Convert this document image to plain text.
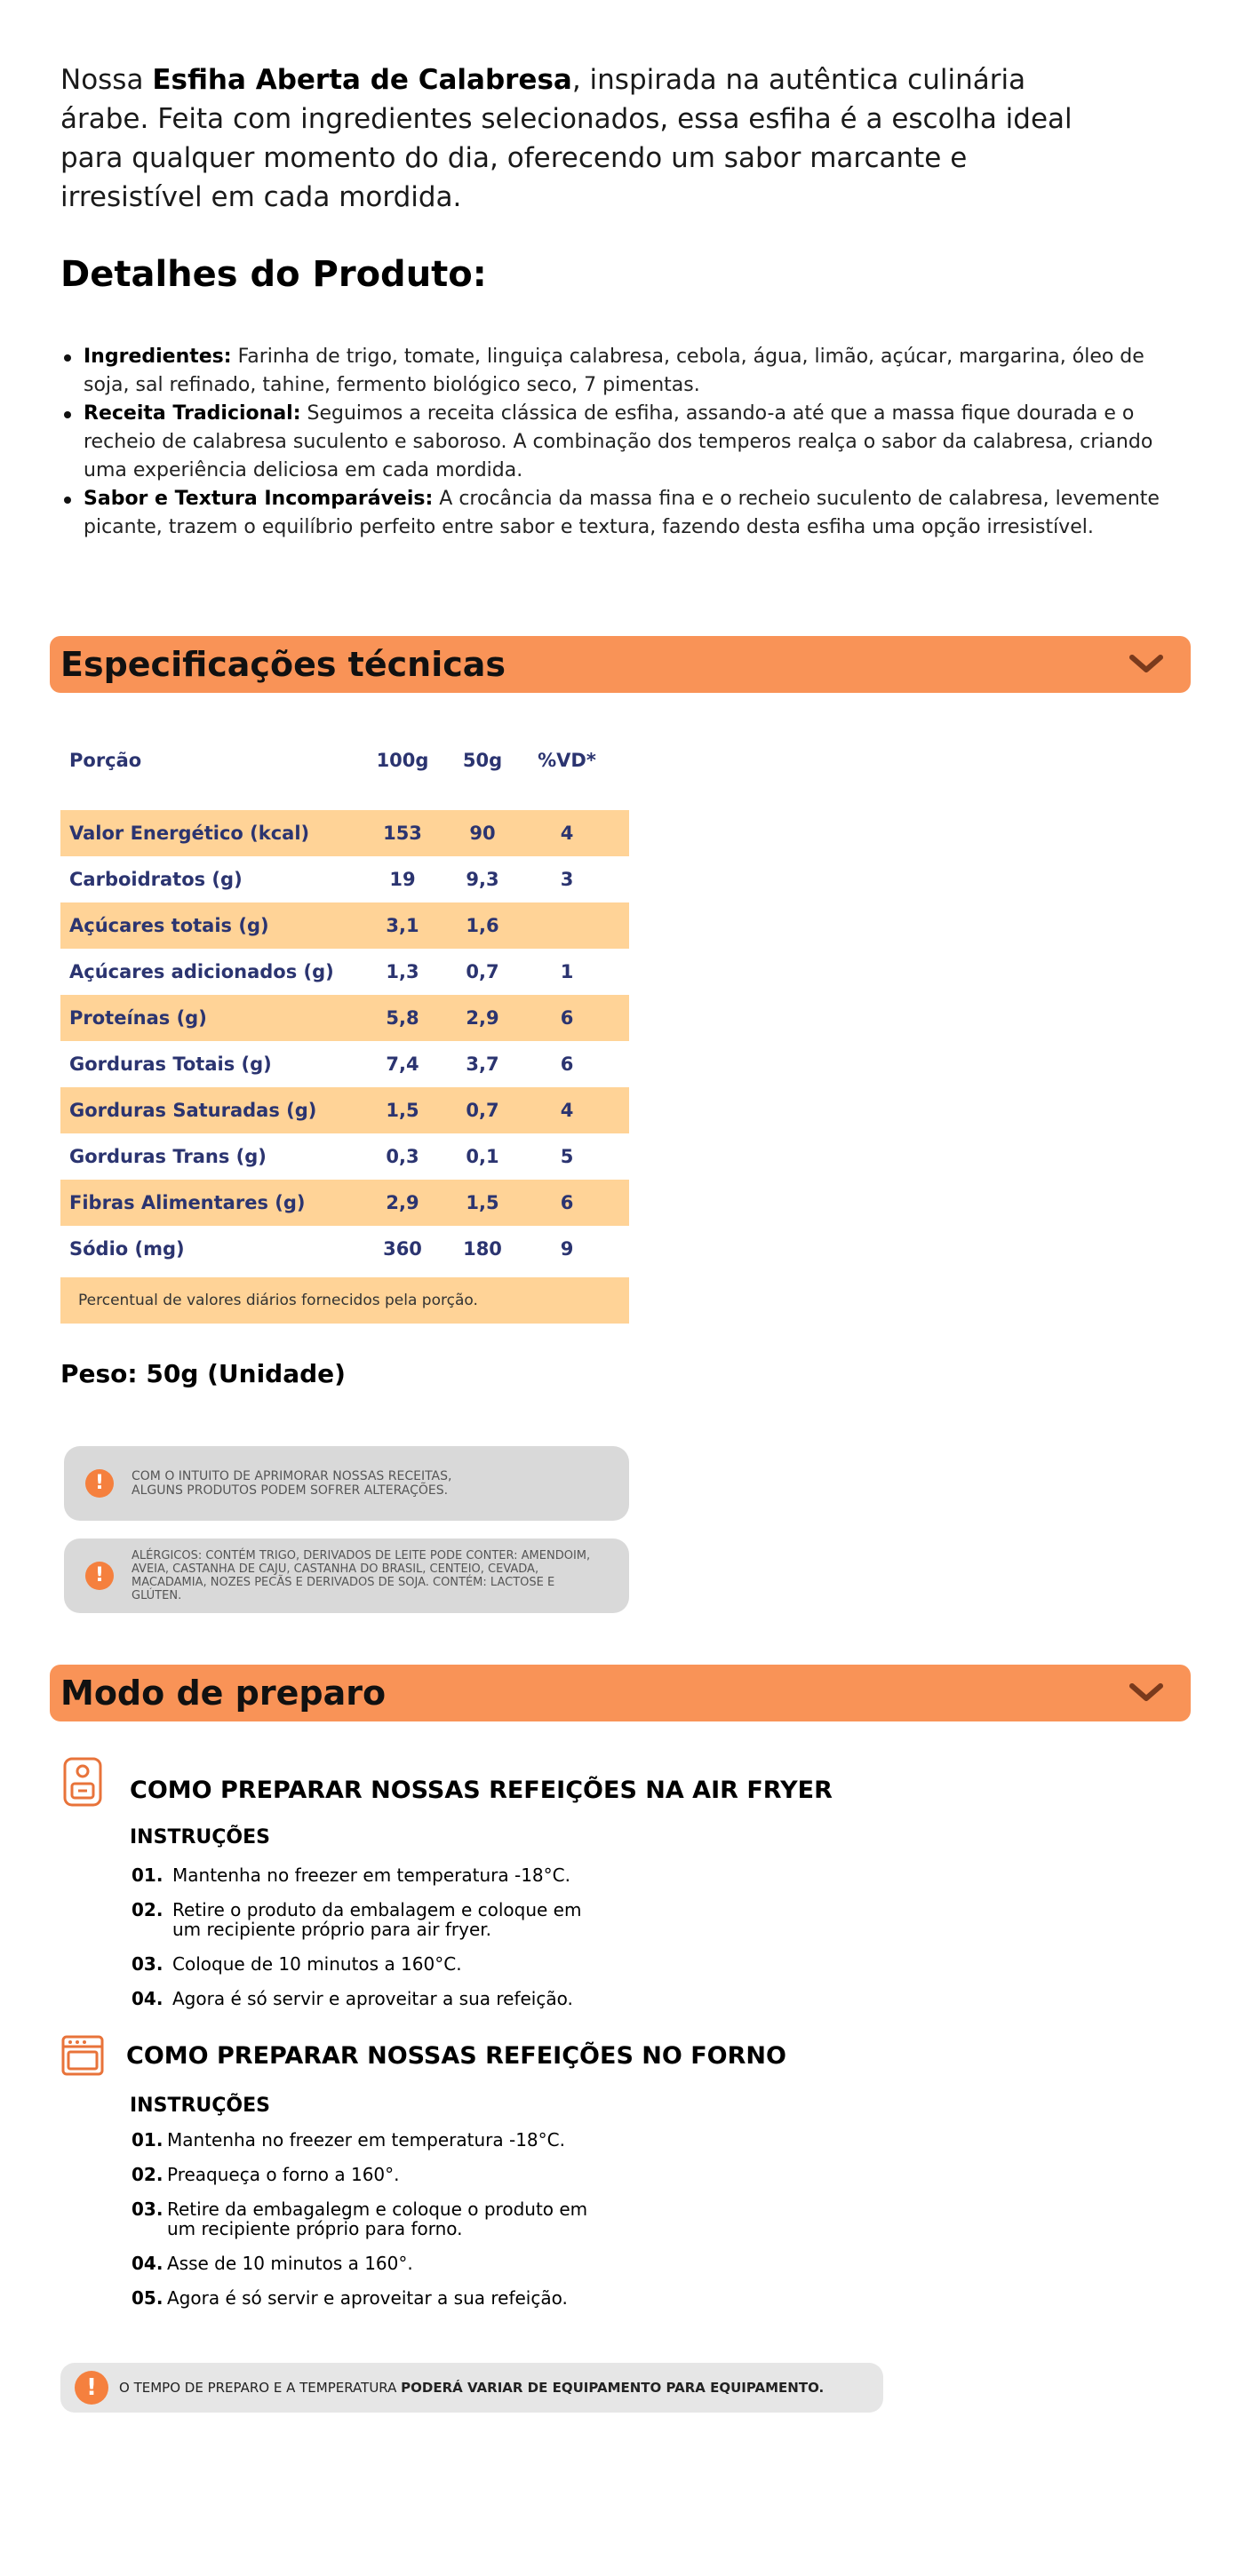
Nossa Esfiha Aberta de Calabresa, inspirada na autêntica culinária árabe. Feita com ingredientes selecionados, essa esfiha é a escolha ideal para qualquer momento do dia, oferecendo um sabor marcante e irresistível em cada mordida.

Detalhes do Produto:
Ingredientes: Farinha de trigo, tomate, linguiça calabresa, cebola, água, limão, açúcar, margarina, óleo de soja, sal refinado, tahine, fermento biológico seco, 7 pimentas.
Receita Tradicional: Seguimos a receita clássica de esfiha, assando-a até que a massa fique dourada e o recheio de calabresa suculento e saboroso. A combinação dos temperos realça o sabor da calabresa, criando uma experiência deliciosa em cada mordida.
Sabor e Textura Incomparáveis: A crocância da massa fina e o recheio suculento de calabresa, levemente picante, trazem o equilíbrio perfeito entre sabor e textura, fazendo desta esfiha uma opção irresistível.
Especificações técnicas
Porção	100g	50g	%VD*
Valor Energético (kcal)	153	90	4
Carboidratos (g)	19	9,3	3
Açúcares totais (g)	3,1	1,6
Açúcares adicionados (g)	1,3	0,7	1
Proteínas (g)	5,8	2,9	6
Gorduras Totais (g)	7,4	3,7	6
Gorduras Saturadas (g)	1,5	0,7	4
Gorduras Trans (g)	0,3	0,1	5
Fibras Alimentares (g)	2,9	1,5	6
Sódio (mg)	360	180	9
Percentual de valores diários fornecidos pela porção.
Peso: 50g (Unidade)
!	COM O INTUITO DE APRIMORAR NOSSAS RECEITAS, ALGUNS PRODUTOS PODEM SOFRER ALTERAÇÕES.
!
ALÉRGICOS: CONTÉM TRIGO, DERIVADOS DE LEITE PODE CONTER: AMENDOIM, AVEIA, CASTANHA DE CAJU, CASTANHA DO BRASIL, CENTEIO, CEVADA, MACADAMIA, NOZES PECÃS E DERIVADOS DE SOJA. CONTÉM: LACTOSE E GLÚTEN.
Modo de preparo
COMO PREPARAR NOSSAS REFEIÇÕES NA AIR FRYER
INSTRUÇÕES
01. Mantenha no freezer em temperatura -18°C.
02. Retire o produto da embalagem e coloque em um recipiente próprio para air fryer.
03. Coloque de 10 minutos a 160°C.
04. Agora é só servir e aproveitar a sua refeição.
COMO PREPARAR NOSSAS REFEIÇÕES NO FORNO
INSTRUÇÕES
01. Mantenha no freezer em temperatura -18°C.
02. Preaqueça o forno a 160°.
03. Retire da embagalegm e coloque o produto em um recipiente próprio para forno.
04. Asse de 10 minutos a 160°.
05. Agora é só servir e aproveitar a sua refeição.
!	O TEMPO DE PREPARO E A TEMPERATURA PODERÁ VARIAR DE EQUIPAMENTO PARA EQUIPAMENTO.
